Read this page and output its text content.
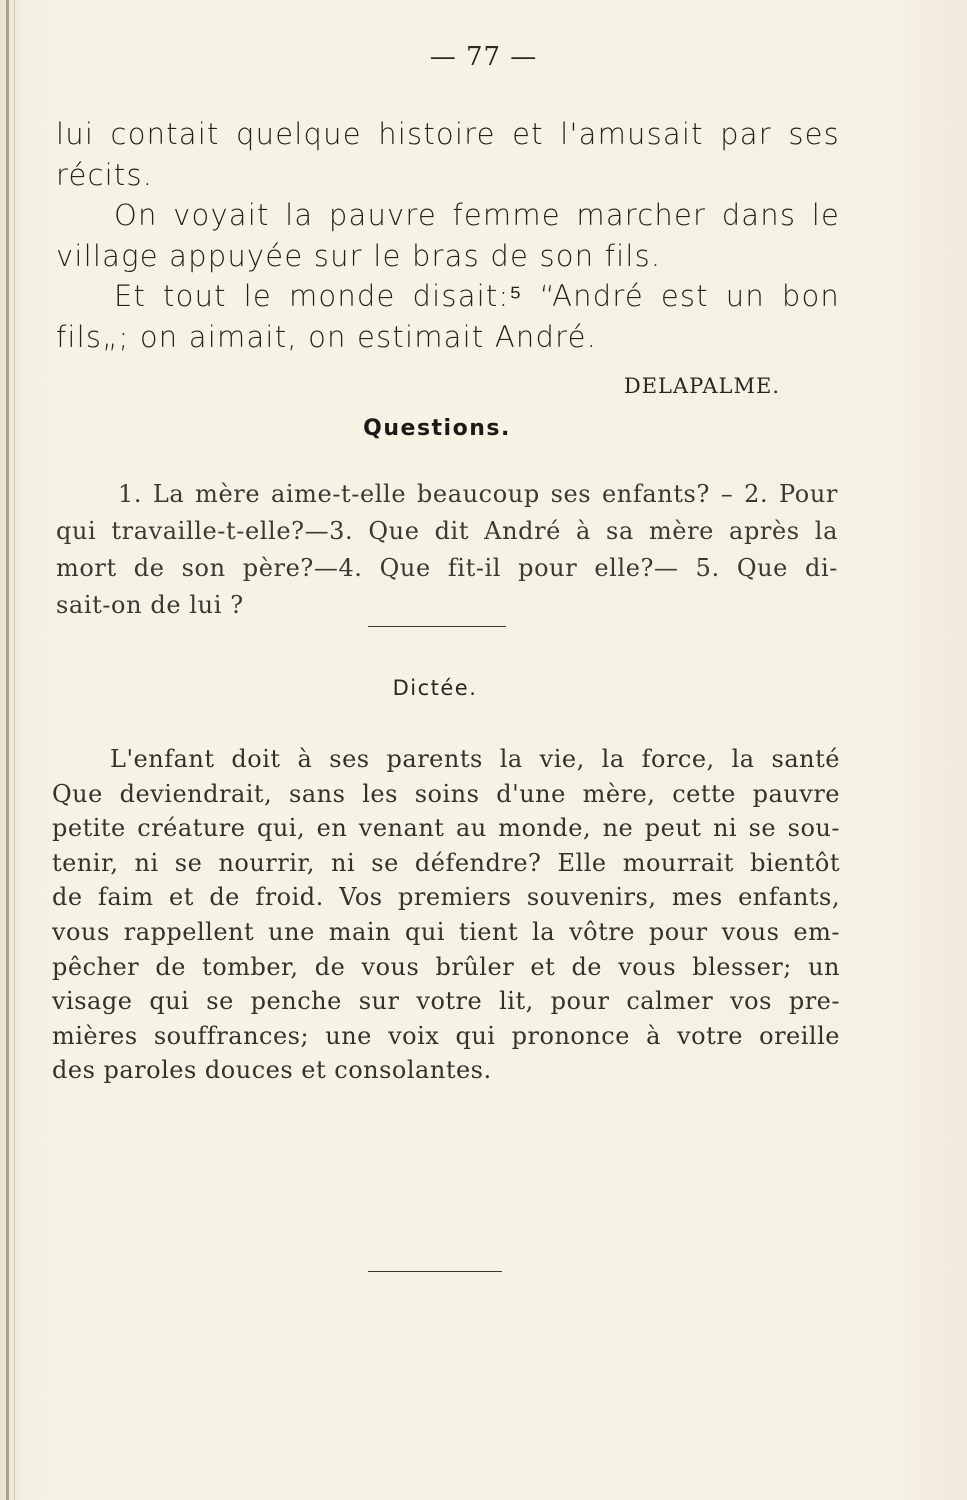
— 77 —
lui contait quelque histoire et l'amusait par ses
récits.
On voyait la pauvre femme marcher dans le
village appuyée sur le bras de son fils.
Et tout le monde disait:⁵ “André est un bon
fils„; on aimait, on estimait André.
DELAPALME.
Questions.
1. La mère aime-t-elle beaucoup ses enfants? – 2. Pour
qui travaille-t-elle?—3. Que dit André à sa mère après la
mort de son père?—4. Que fit-il pour elle?— 5. Que di-
sait-on de lui ?
Dictée.
L'enfant doit à ses parents la vie, la force, la santé
Que deviendrait, sans les soins d'une mère, cette pauvre
petite créature qui, en venant au monde, ne peut ni se sou-
tenir, ni se nourrir, ni se défendre? Elle mourrait bientôt
de faim et de froid. Vos premiers souvenirs, mes enfants,
vous rappellent une main qui tient la vôtre pour vous em-
pêcher de tomber, de vous brûler et de vous blesser; un
visage qui se penche sur votre lit, pour calmer vos pre-
mières souffrances; une voix qui prononce à votre oreille
des paroles douces et consolantes.
